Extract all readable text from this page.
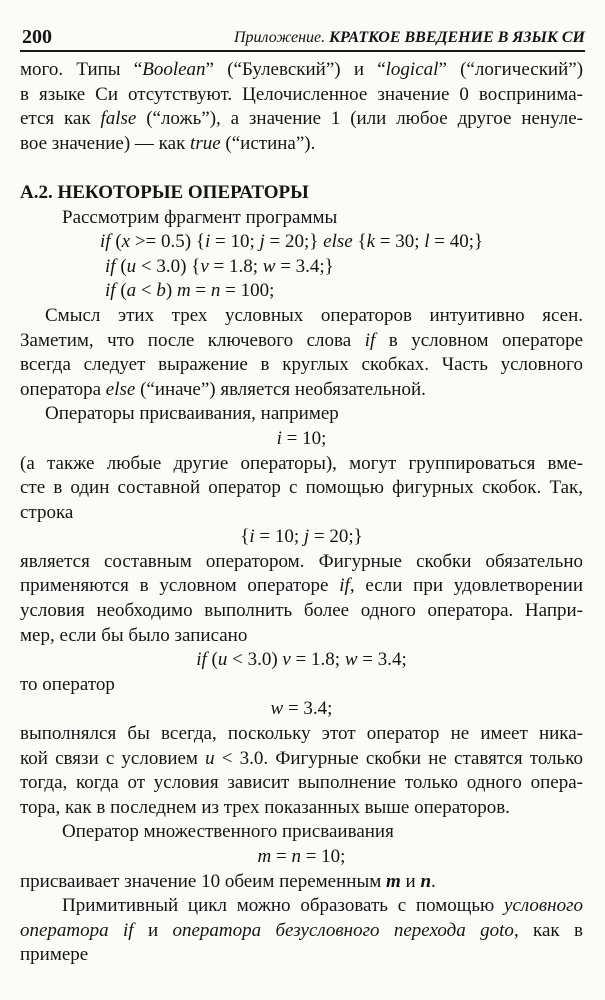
200	Приложение. КРАТКОЕ ВВЕДЕНИЕ В ЯЗЫК СИ
мого. Типы “Boolean” (“Булевский”) и “logical” (“логический”)
в языке Си отсутствуют. Целочисленное значение 0 воспринима-
ется как false (“ложь”), а значение 1 (или любое другое ненуле-
вое значение) — как true (“истина”).
А.2. НЕКОТОРЫЕ ОПЕРАТОРЫ
Рассмотрим фрагмент программы
if (x >= 0.5) {i = 10; j = 20;} else {k = 30; l = 40;}
if (u < 3.0) {v = 1.8; w = 3.4;}
if (a < b) m = n = 100;
Смысл этих трех условных операторов интуитивно ясен.
Заметим, что после ключевого слова if в условном операторе
всегда следует выражение в круглых скобках. Часть условного
оператора else (“иначе”) является необязательной.
Операторы присваивания, например
i = 10;
(а также любые другие операторы), могут группироваться вме-
сте в один составной оператор с помощью фигурных скобок. Так,
строка
{i = 10; j = 20;}
является составным оператором. Фигурные скобки обязательно
применяются в условном операторе if, если при удовлетворении
условия необходимо выполнить более одного оператора. Напри-
мер, если бы было записано
if (u < 3.0) v = 1.8; w = 3.4;
то оператор
w = 3.4;
выполнялся бы всегда, поскольку этот оператор не имеет ника-
кой связи с условием u < 3.0. Фигурные скобки не ставятся только
тогда, когда от условия зависит выполнение только одного опера-
тора, как в последнем из трех показанных выше операторов.
Оператор множественного присваивания
m = n = 10;
присваивает значение 10 обеим переменным m и n.
Примитивный цикл можно образовать с помощью условного
оператора if и оператора безусловного перехода goto, как в
примере
